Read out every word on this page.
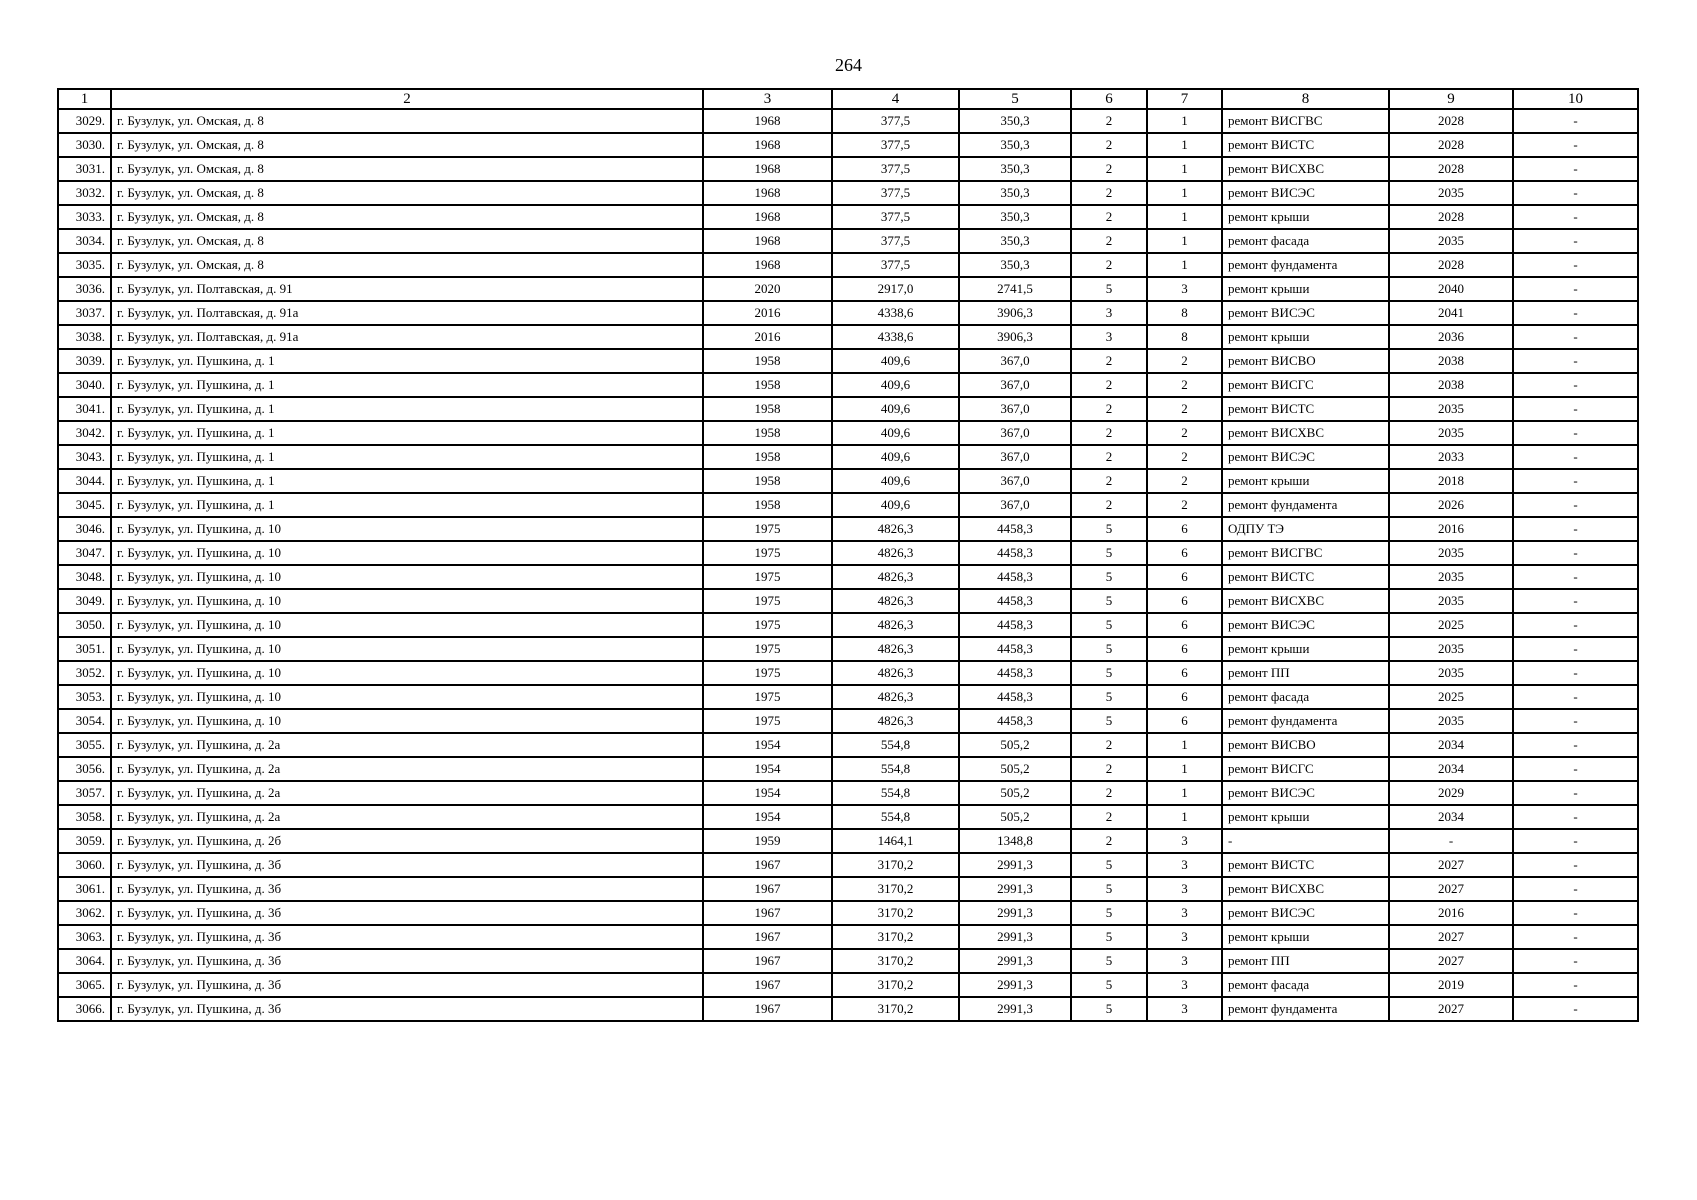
264
1	2	3	4	5	6	7	8	9	10
3029.	г. Бузулук, ул. Омская, д. 8	1968	377,5	350,3	2	1	ремонт ВИСГВС	2028	-
3030.	г. Бузулук, ул. Омская, д. 8	1968	377,5	350,3	2	1	ремонт ВИСТС	2028	-
3031.	г. Бузулук, ул. Омская, д. 8	1968	377,5	350,3	2	1	ремонт ВИСХВС	2028	-
3032.	г. Бузулук, ул. Омская, д. 8	1968	377,5	350,3	2	1	ремонт ВИСЭС	2035	-
3033.	г. Бузулук, ул. Омская, д. 8	1968	377,5	350,3	2	1	ремонт крыши	2028	-
3034.	г. Бузулук, ул. Омская, д. 8	1968	377,5	350,3	2	1	ремонт фасада	2035	-
3035.	г. Бузулук, ул. Омская, д. 8	1968	377,5	350,3	2	1	ремонт фундамента	2028	-
3036.	г. Бузулук, ул. Полтавская, д. 91	2020	2917,0	2741,5	5	3	ремонт крыши	2040	-
3037.	г. Бузулук, ул. Полтавская, д. 91а	2016	4338,6	3906,3	3	8	ремонт ВИСЭС	2041	-
3038.	г. Бузулук, ул. Полтавская, д. 91а	2016	4338,6	3906,3	3	8	ремонт крыши	2036	-
3039.	г. Бузулук, ул. Пушкина, д. 1	1958	409,6	367,0	2	2	ремонт ВИСВО	2038	-
3040.	г. Бузулук, ул. Пушкина, д. 1	1958	409,6	367,0	2	2	ремонт ВИСГС	2038	-
3041.	г. Бузулук, ул. Пушкина, д. 1	1958	409,6	367,0	2	2	ремонт ВИСТС	2035	-
3042.	г. Бузулук, ул. Пушкина, д. 1	1958	409,6	367,0	2	2	ремонт ВИСХВС	2035	-
3043.	г. Бузулук, ул. Пушкина, д. 1	1958	409,6	367,0	2	2	ремонт ВИСЭС	2033	-
3044.	г. Бузулук, ул. Пушкина, д. 1	1958	409,6	367,0	2	2	ремонт крыши	2018	-
3045.	г. Бузулук, ул. Пушкина, д. 1	1958	409,6	367,0	2	2	ремонт фундамента	2026	-
3046.	г. Бузулук, ул. Пушкина, д. 10	1975	4826,3	4458,3	5	6	ОДПУ ТЭ	2016	-
3047.	г. Бузулук, ул. Пушкина, д. 10	1975	4826,3	4458,3	5	6	ремонт ВИСГВС	2035	-
3048.	г. Бузулук, ул. Пушкина, д. 10	1975	4826,3	4458,3	5	6	ремонт ВИСТС	2035	-
3049.	г. Бузулук, ул. Пушкина, д. 10	1975	4826,3	4458,3	5	6	ремонт ВИСХВС	2035	-
3050.	г. Бузулук, ул. Пушкина, д. 10	1975	4826,3	4458,3	5	6	ремонт ВИСЭС	2025	-
3051.	г. Бузулук, ул. Пушкина, д. 10	1975	4826,3	4458,3	5	6	ремонт крыши	2035	-
3052.	г. Бузулук, ул. Пушкина, д. 10	1975	4826,3	4458,3	5	6	ремонт ПП	2035	-
3053.	г. Бузулук, ул. Пушкина, д. 10	1975	4826,3	4458,3	5	6	ремонт фасада	2025	-
3054.	г. Бузулук, ул. Пушкина, д. 10	1975	4826,3	4458,3	5	6	ремонт фундамента	2035	-
3055.	г. Бузулук, ул. Пушкина, д. 2а	1954	554,8	505,2	2	1	ремонт ВИСВО	2034	-
3056.	г. Бузулук, ул. Пушкина, д. 2а	1954	554,8	505,2	2	1	ремонт ВИСГС	2034	-
3057.	г. Бузулук, ул. Пушкина, д. 2а	1954	554,8	505,2	2	1	ремонт ВИСЭС	2029	-
3058.	г. Бузулук, ул. Пушкина, д. 2а	1954	554,8	505,2	2	1	ремонт крыши	2034	-
3059.	г. Бузулук, ул. Пушкина, д. 2б	1959	1464,1	1348,8	2	3	-	-	-
3060.	г. Бузулук, ул. Пушкина, д. 3б	1967	3170,2	2991,3	5	3	ремонт ВИСТС	2027	-
3061.	г. Бузулук, ул. Пушкина, д. 3б	1967	3170,2	2991,3	5	3	ремонт ВИСХВС	2027	-
3062.	г. Бузулук, ул. Пушкина, д. 3б	1967	3170,2	2991,3	5	3	ремонт ВИСЭС	2016	-
3063.	г. Бузулук, ул. Пушкина, д. 3б	1967	3170,2	2991,3	5	3	ремонт крыши	2027	-
3064.	г. Бузулук, ул. Пушкина, д. 3б	1967	3170,2	2991,3	5	3	ремонт ПП	2027	-
3065.	г. Бузулук, ул. Пушкина, д. 3б	1967	3170,2	2991,3	5	3	ремонт фасада	2019	-
3066.	г. Бузулук, ул. Пушкина, д. 3б	1967	3170,2	2991,3	5	3	ремонт фундамента	2027	-
